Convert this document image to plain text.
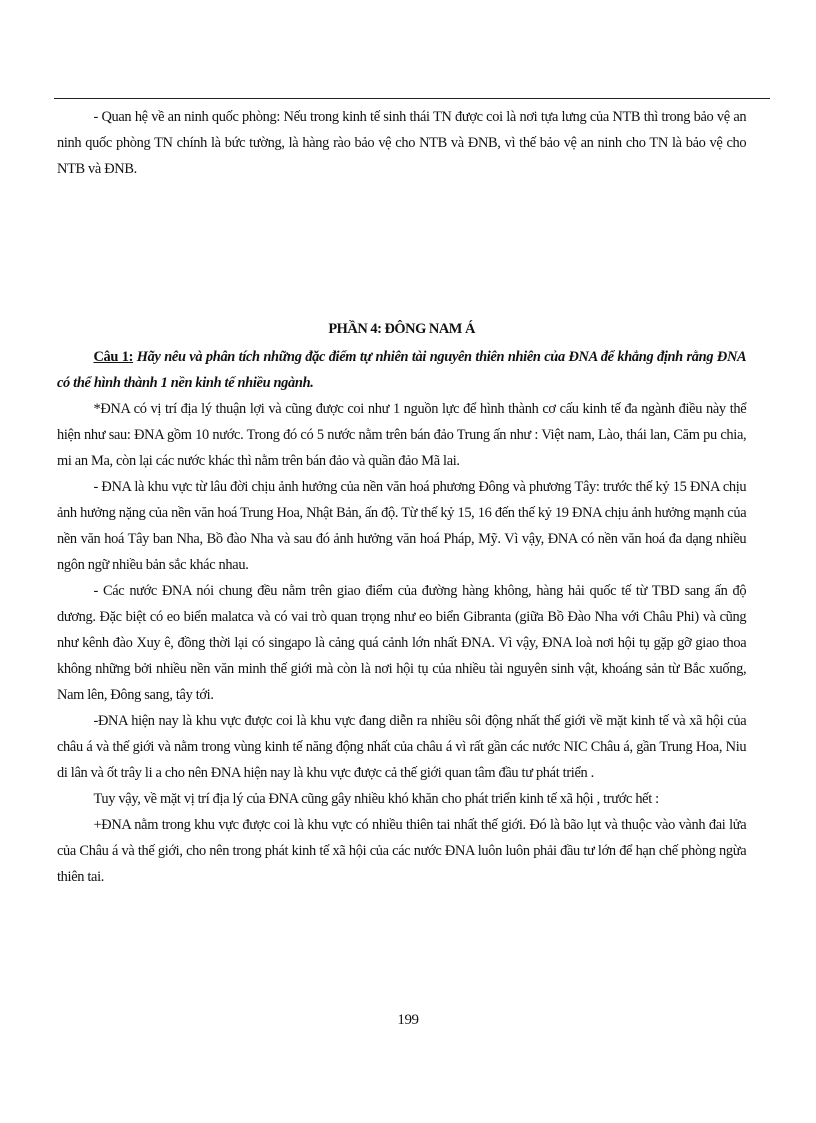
- Quan hệ về an ninh quốc phòng: Nếu trong kinh tế sinh thái TN được coi là nơi tựa lưng của NTB thì trong bảo vệ an ninh quốc phòng TN chính là bức tường, là hàng rào bảo vệ cho NTB và ĐNB, vì thế bảo vệ an ninh cho TN là bảo vệ cho NTB và ĐNB.

PHẦN 4: ĐÔNG NAM Á

Câu 1: Hãy nêu và phân tích những đặc điểm tự nhiên tài nguyên thiên nhiên của ĐNA để khẳng định rằng ĐNA có thể hình thành 1 nền kinh tế nhiều ngành.

*ĐNA có vị trí địa lý thuận lợi và cũng được coi như 1 nguồn lực để hình thành cơ cấu kinh tế đa ngành điều này thể hiện như sau: ĐNA gồm 10 nước. Trong đó có 5 nước nằm trên bán đảo Trung ấn như : Việt nam, Lào, thái lan, Căm pu chia, mi an Ma, còn lại các nước khác thì nằm trên bán đảo và quần đảo Mã lai.

- ĐNA là khu vực từ lâu đời chịu ảnh hưởng của nền văn hoá phương Đông và phương Tây: trước thế kỷ 15 ĐNA chịu ảnh hưởng nặng của nền văn hoá Trung Hoa, Nhật Bản, ấn độ. Từ thế kỷ 15, 16 đến thế kỷ 19 ĐNA chịu ảnh hưởng mạnh của nền văn hoá Tây ban Nha, Bồ đào Nha và sau đó ảnh hưởng văn hoá Pháp, Mỹ. Vì vậy, ĐNA có nền văn hoá đa dạng nhiều ngôn ngữ nhiều bản sắc khác nhau.

- Các nước ĐNA nói chung đều nằm trên giao điểm của đường hàng không, hàng hải quốc tế từ TBD sang ấn độ dương. Đặc biệt có eo biển malatca và có vai trò quan trọng như eo biển Gibranta (giữa Bồ Đào Nha với Châu Phi) và cũng như kênh đào Xuy ê, đồng thời lại có singapo là cảng quá cảnh lớn nhất ĐNA. Vì vậy, ĐNA loà nơi hội tụ gặp gỡ giao thoa không những bởi nhiều nền văn minh thế giới mà còn là nơi hội tụ của nhiều tài nguyên sinh vật, khoáng sản từ Bắc xuống, Nam lên, Đông sang, tây tới.

-ĐNA hiện nay là khu vực được coi là khu vực đang diễn ra nhiều sôi động nhất thế giới về mặt kinh tế và xã hội của châu á và thế giới và nằm trong vùng kinh tế năng động nhất của châu á vì rất gần các nước NIC Châu á, gần Trung Hoa, Niu di lân và ốt trây li a cho nên ĐNA hiện nay là khu vực được cả thế giới quan tâm đầu tư phát triển .

Tuy vậy, về mặt vị trí địa lý của ĐNA cũng gây nhiều khó khăn cho phát triển kinh tế xã hội , trước hết :

+ĐNA nằm trong khu vực được coi là khu vực có nhiều thiên tai nhất thế giới. Đó là bão lụt và thuộc vào vành đai lửa của Châu á và thế giới, cho nên trong phát kinh tế xã hội của các nước ĐNA luôn luôn phải đầu tư lớn để hạn chế phòng ngừa thiên tai.

199
